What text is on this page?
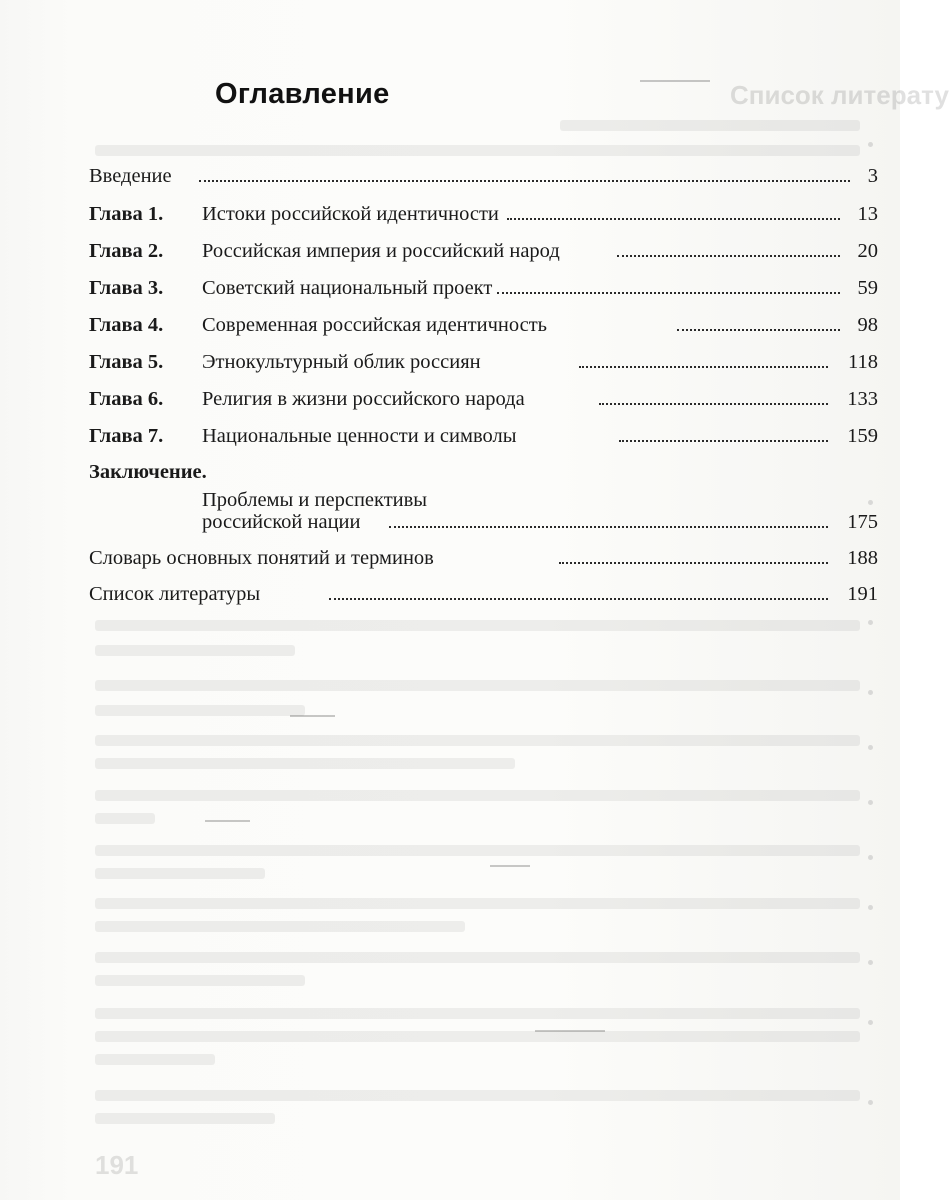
Список литерату
191
Оглавление
Введение	3
Глава 1. Истоки российской идентичности	13
Глава 2. Российская империя и российский народ	20
Глава 3. Советский национальный проект	59
Глава 4. Современная российская идентичность	98
Глава 5. Этнокультурный облик россиян	118
Глава 6. Религия в жизни российского народа	133
Глава 7. Национальные ценности и символы	159
Заключение.
Проблемы и перспективы
российской нации	175
Словарь основных понятий и терминов	188
Список литературы	191
